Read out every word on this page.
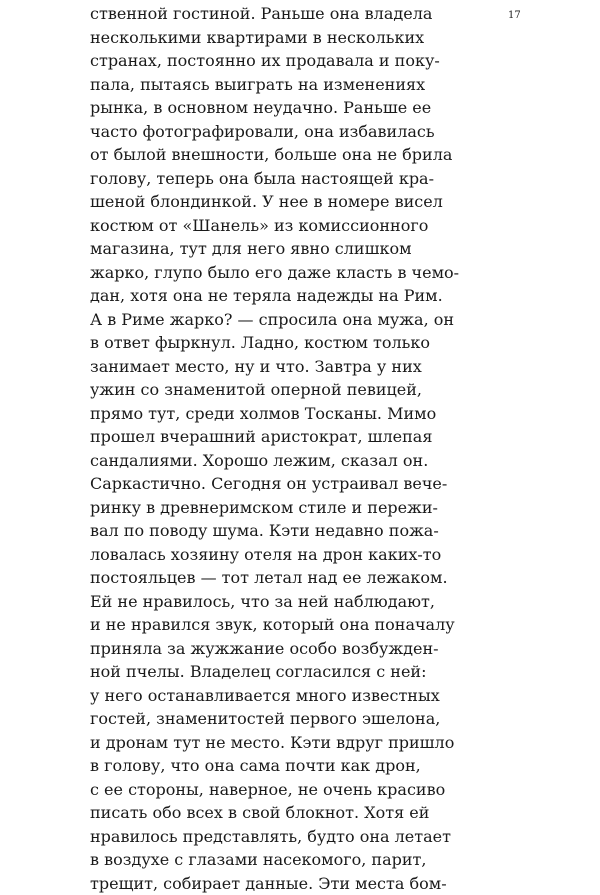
17
ственной гостиной. Раньше она владела
несколькими квартирами в нескольких
странах, постоянно их продавала и поку-
пала, пытаясь выиграть на изменениях
рынка, в основном неудачно. Раньше ее
часто фотографировали, она избавилась
от былой внешности, больше она не брила
голову, теперь она была настоящей кра-
шеной блондинкой. У нее в номере висел
костюм от «Шанель» из комиссионного
магазина, тут для него явно слишком
жарко, глупо было его даже класть в чемо-
дан, хотя она не теряла надежды на Рим.
А в Риме жарко? — спросила она мужа, он
в ответ фыркнул. Ладно, костюм только
занимает место, ну и что. Завтра у них
ужин со знаменитой оперной певицей,
прямо тут, среди холмов Тосканы. Мимо
прошел вчерашний аристократ, шлепая
сандалиями. Хорошо лежим, сказал он.
Саркастично. Сегодня он устраивал вече-
ринку в древнеримском стиле и пережи-
вал по поводу шума. Кэти недавно пожа-
ловалась хозяину отеля на дрон каких-то
постояльцев — тот летал над ее лежаком.
Ей не нравилось, что за ней наблюдают,
и не нравился звук, который она поначалу
приняла за жужжание особо возбужден-
ной пчелы. Владелец согласился с ней:
у него останавливается много известных
гостей, знаменитостей первого эшелона,
и дронам тут не место. Кэти вдруг пришло
в голову, что она сама почти как дрон,
с ее стороны, наверное, не очень красиво
писать обо всех в свой блокнот. Хотя ей
нравилось представлять, будто она летает
в воздухе с глазами насекомого, парит,
трещит, собирает данные. Эти места бом-
